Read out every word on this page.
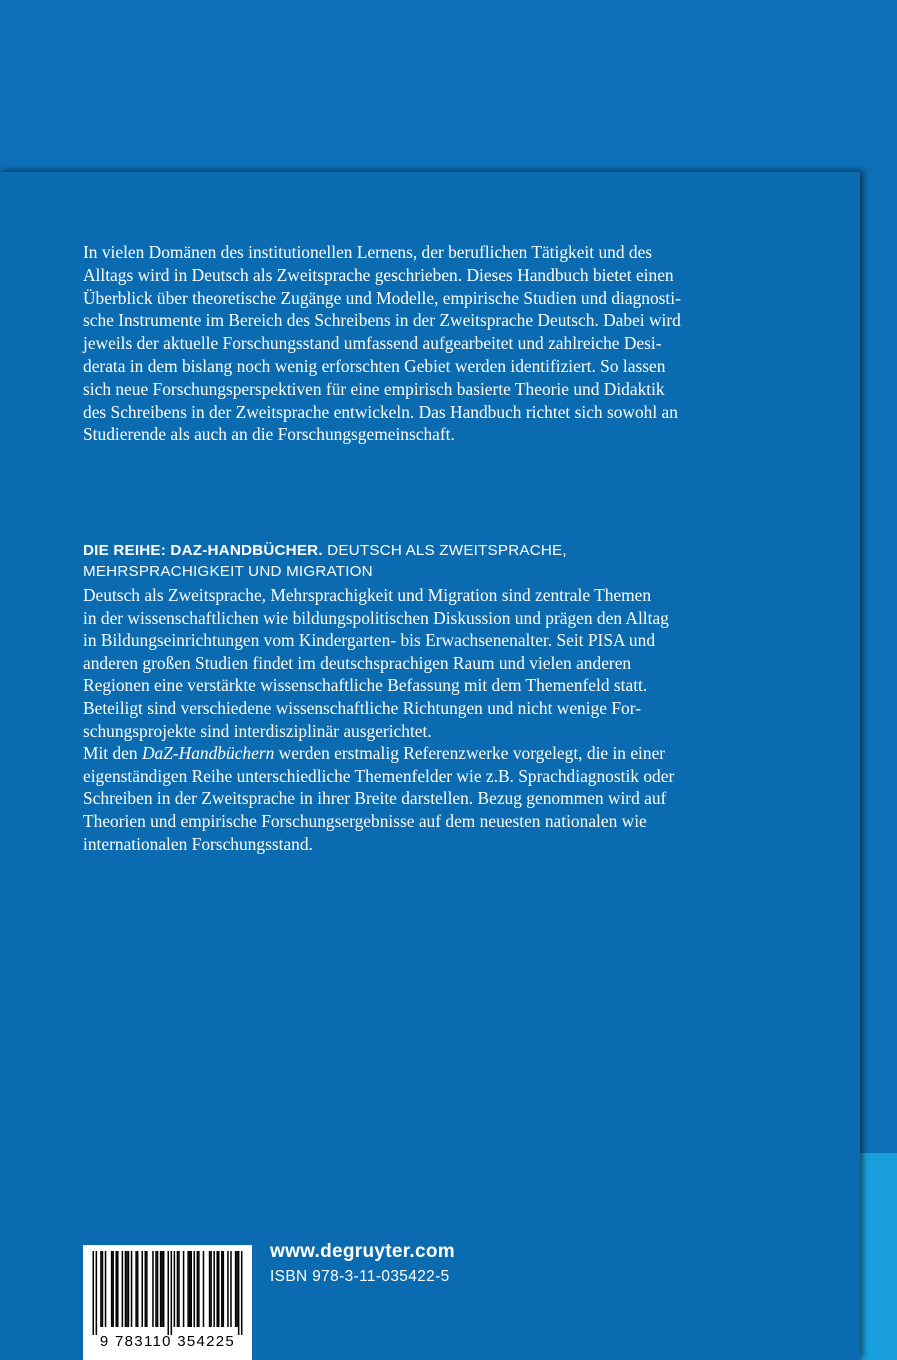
In vielen Domänen des institutionellen Lernens, der beruflichen Tätigkeit und des
Alltags wird in Deutsch als Zweitsprache geschrieben. Dieses Handbuch bietet einen
Überblick über theoretische Zugänge und Modelle, empirische Studien und diagnosti-
sche Instrumente im Bereich des Schreibens in der Zweitsprache Deutsch. Dabei wird
jeweils der aktuelle Forschungsstand umfassend aufgearbeitet und zahlreiche Desi-
derata in dem bislang noch wenig erforschten Gebiet werden identifiziert. So lassen
sich neue Forschungsperspektiven für eine empirisch basierte Theorie und Didaktik
des Schreibens in der Zweitsprache entwickeln. Das Handbuch richtet sich sowohl an
Studierende als auch an die Forschungsgemeinschaft.
DIE REIHE: DAZ-HANDBÜCHER. DEUTSCH ALS ZWEITSPRACHE,
MEHRSPRACHIGKEIT UND MIGRATION
Deutsch als Zweitsprache, Mehrsprachigkeit und Migration sind zentrale Themen
in der wissenschaftlichen wie bildungspolitischen Diskussion und prägen den Alltag
in Bildungseinrichtungen vom Kindergarten- bis Erwachsenenalter. Seit PISA und
anderen großen Studien findet im deutschsprachigen Raum und vielen anderen
Regionen eine verstärkte wissenschaftliche Befassung mit dem Themenfeld statt.
Beteiligt sind verschiedene wissenschaftliche Richtungen und nicht wenige For-
schungsprojekte sind interdisziplinär ausgerichtet.
Mit den DaZ-Handbüchern werden erstmalig Referenzwerke vorgelegt, die in einer
eigenständigen Reihe unterschiedliche Themenfelder wie z.B. Sprachdiagnostik oder
Schreiben in der Zweitsprache in ihrer Breite darstellen. Bezug genommen wird auf
Theorien und empirische Forschungsergebnisse auf dem neuesten nationalen wie
internationalen Forschungsstand.
9 783110 354225
www.degruyter.com
ISBN 978-3-11-035422-5
